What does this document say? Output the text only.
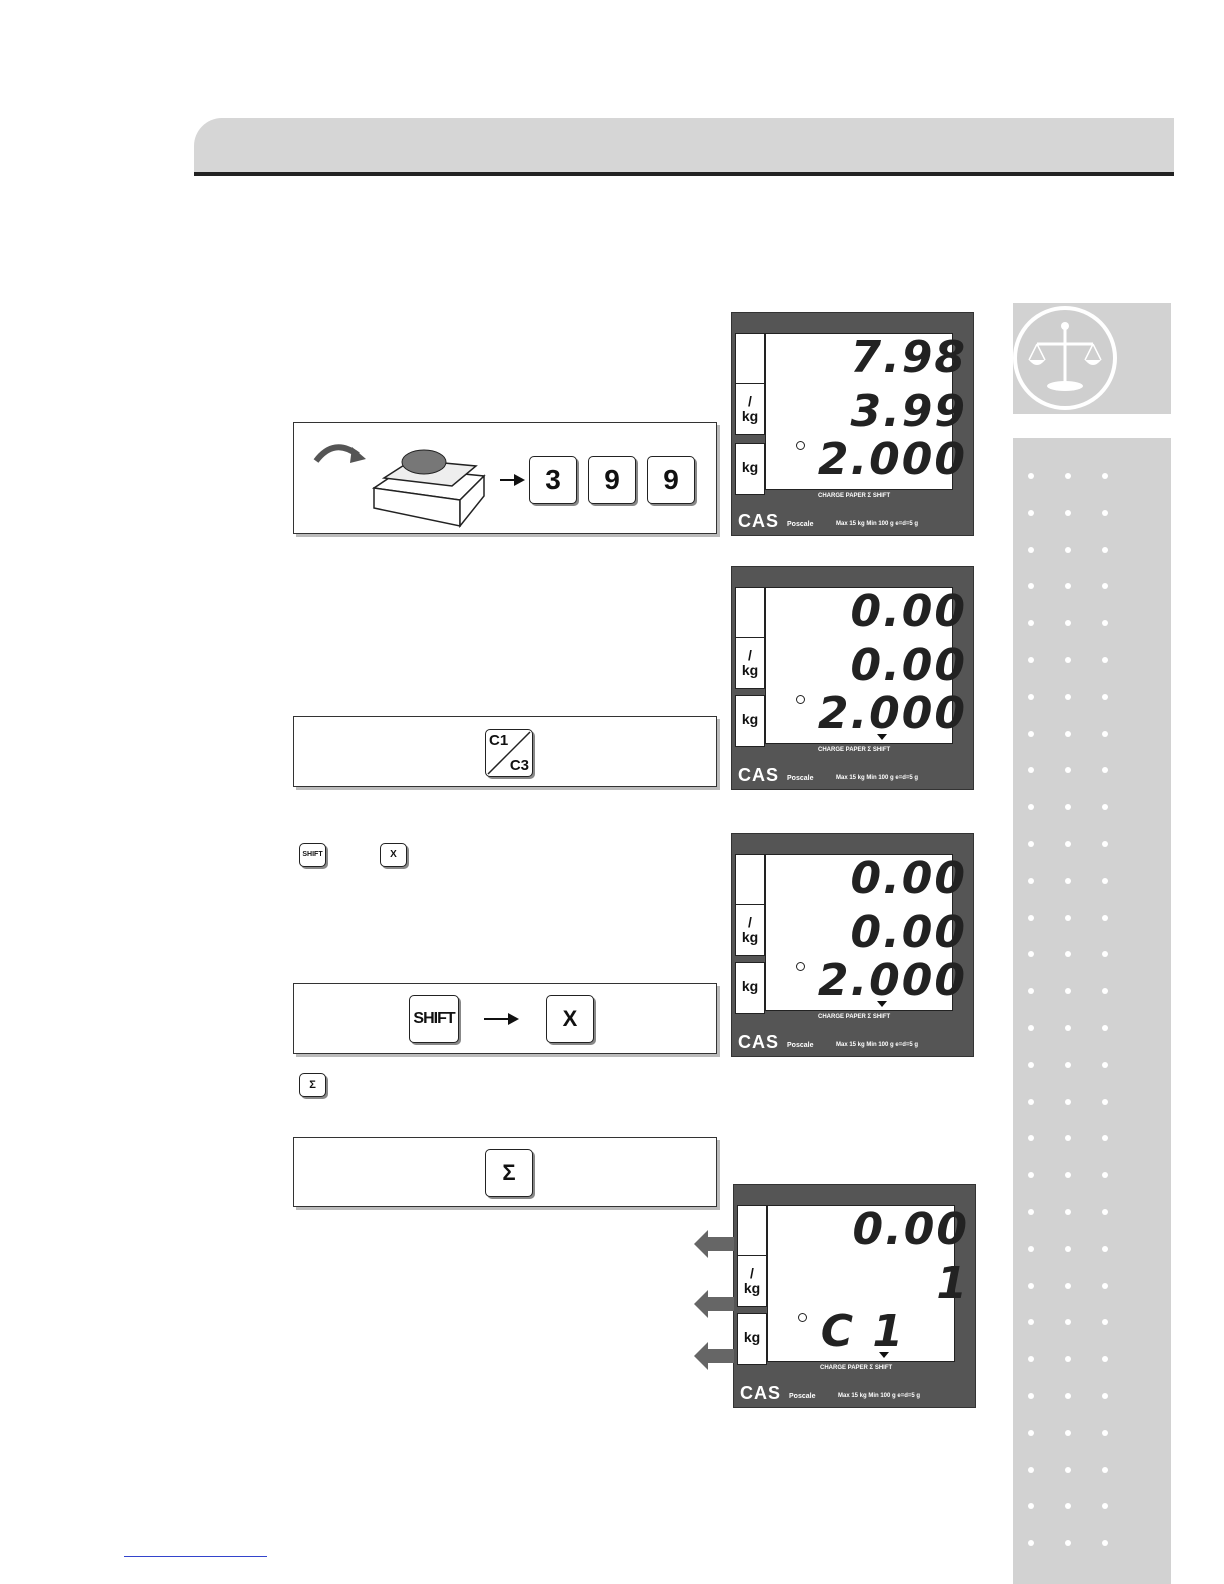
3	9	9
C1
C3
SHIFT	X
SHIFT	X
Σ
Σ
/
kg
kg
7.98
3.99
2.000
CHARGE PAPER Σ SHIFT
CAS Poscale	Max 15 kg Min 100 g e=d=5 g
/
kg
kg
0.00
0.00
2.000
CHARGE PAPER Σ SHIFT
CAS Poscale	Max 15 kg Min 100 g e=d=5 g
/
kg
kg
0.00
0.00
2.000
CHARGE PAPER Σ SHIFT
CAS Poscale	Max 15 kg Min 100 g e=d=5 g
/
kg
kg
0.00
1
C 1
CHARGE PAPER Σ SHIFT
CAS Poscale	Max 15 kg Min 100 g e=d=5 g
